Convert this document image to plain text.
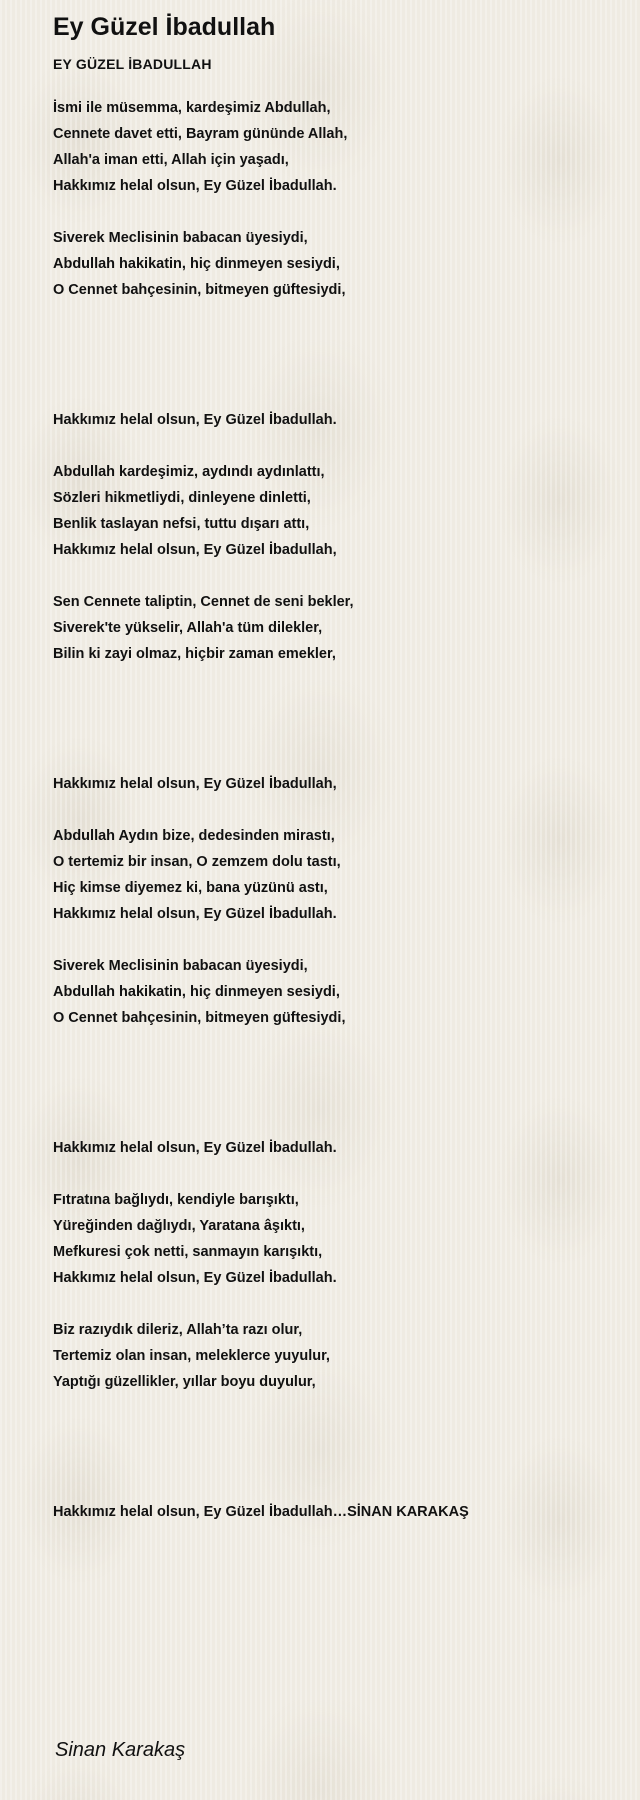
Ey Güzel İbadullah
EY GÜZEL İBADULLAH
İsmi ile müsemma, kardeşimiz Abdullah,
Cennete davet etti, Bayram gününde Allah,
Allah'a iman etti, Allah için yaşadı,
Hakkımız helal olsun, Ey Güzel İbadullah.
Siverek Meclisinin babacan üyesiydi,
Abdullah hakikatin, hiç dinmeyen sesiydi,
O Cennet bahçesinin, bitmeyen güftesiydi,
Hakkımız helal olsun, Ey Güzel İbadullah.
Abdullah kardeşimiz, aydındı aydınlattı,
Sözleri hikmetliydi, dinleyene dinletti,
Benlik taslayan nefsi, tuttu dışarı attı,
Hakkımız helal olsun, Ey Güzel İbadullah,
Sen Cennete taliptin, Cennet de seni bekler,
Siverek'te yükselir, Allah'a tüm dilekler,
Bilin ki zayi olmaz, hiçbir zaman emekler,
Hakkımız helal olsun, Ey Güzel İbadullah,
Abdullah Aydın bize, dedesinden mirastı,
O tertemiz bir insan, O zemzem dolu tastı,
Hiç kimse diyemez ki, bana yüzünü astı,
Hakkımız helal olsun, Ey Güzel İbadullah.
Siverek Meclisinin babacan üyesiydi,
Abdullah hakikatin, hiç dinmeyen sesiydi,
O Cennet bahçesinin, bitmeyen güftesiydi,
Hakkımız helal olsun, Ey Güzel İbadullah.
Fıtratına bağlıydı, kendiyle barışıktı,
Yüreğinden dağlıydı, Yaratana âşıktı,
Mefkuresi çok netti, sanmayın karışıktı,
Hakkımız helal olsun, Ey Güzel İbadullah.
Biz razıydık dileriz, Allah’ta razı olur,
Tertemiz olan insan, meleklerce yuyulur,
Yaptığı güzellikler, yıllar boyu duyulur,
Hakkımız helal olsun, Ey Güzel İbadullah…SİNAN KARAKAŞ
Sinan Karakaş
